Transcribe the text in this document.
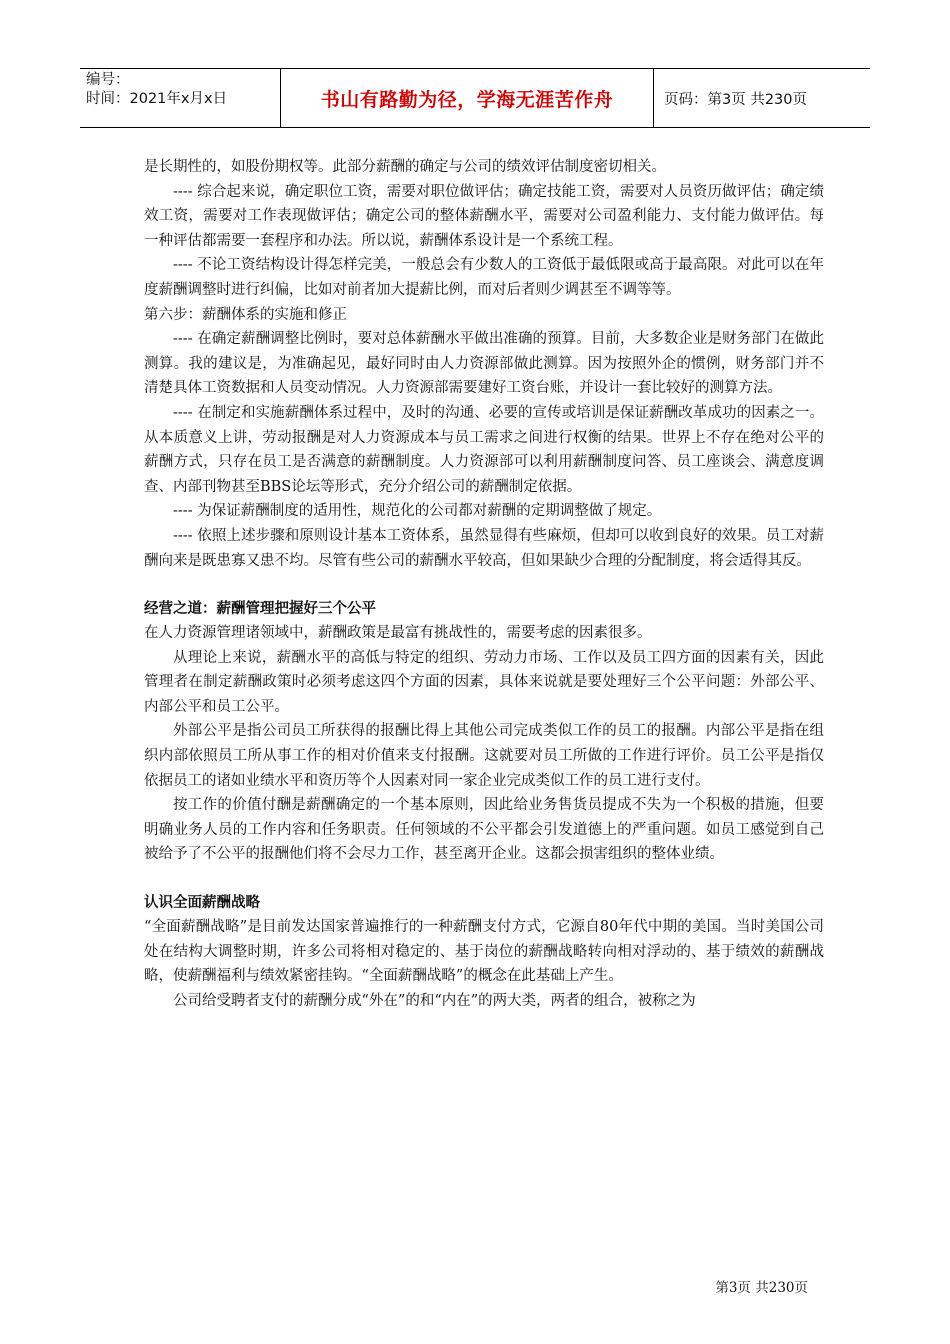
编号：
时间：2021年x月x日	书山有路勤为径，学海无涯苦作舟	页码：第3页 共230页

是长期性的，如股份期权等。此部分薪酬的确定与公司的绩效评估制度密切相关。

---- 综合起来说，确定职位工资，需要对职位做评估；确定技能工资，需要对人员资历做评估；确定绩效工资，需要对工作表现做评估；确定公司的整体薪酬水平，需要对公司盈利能力、支付能力做评估。每一种评估都需要一套程序和办法。所以说，薪酬体系设计是一个系统工程。

---- 不论工资结构设计得怎样完美，一般总会有少数人的工资低于最低限或高于最高限。对此可以在年度薪酬调整时进行纠偏，比如对前者加大提薪比例，而对后者则少调甚至不调等等。

第六步：薪酬体系的实施和修正

---- 在确定薪酬调整比例时，要对总体薪酬水平做出准确的预算。目前，大多数企业是财务部门在做此测算。我的建议是，为准确起见，最好同时由人力资源部做此测算。因为按照外企的惯例，财务部门并不清楚具体工资数据和人员变动情况。人力资源部需要建好工资台账，并设计一套比较好的测算方法。

---- 在制定和实施薪酬体系过程中，及时的沟通、必要的宣传或培训是保证薪酬改革成功的因素之一。从本质意义上讲，劳动报酬是对人力资源成本与员工需求之间进行权衡的结果。世界上不存在绝对公平的薪酬方式，只存在员工是否满意的薪酬制度。人力资源部可以利用薪酬制度问答、员工座谈会、满意度调查、内部刊物甚至BBS论坛等形式，充分介绍公司的薪酬制定依据。

---- 为保证薪酬制度的适用性，规范化的公司都对薪酬的定期调整做了规定。

---- 依照上述步骤和原则设计基本工资体系，虽然显得有些麻烦，但却可以收到良好的效果。员工对薪酬向来是既患寡又患不均。尽管有些公司的薪酬水平较高，但如果缺少合理的分配制度，将会适得其反。

经营之道：薪酬管理把握好三个公平

在人力资源管理诸领域中，薪酬政策是最富有挑战性的，需要考虑的因素很多。

从理论上来说，薪酬水平的高低与特定的组织、劳动力市场、工作以及员工四方面的因素有关，因此管理者在制定薪酬政策时必须考虑这四个方面的因素，具体来说就是要处理好三个公平问题：外部公平、内部公平和员工公平。

外部公平是指公司员工所获得的报酬比得上其他公司完成类似工作的员工的报酬。内部公平是指在组织内部依照员工所从事工作的相对价值来支付报酬。这就要对员工所做的工作进行评价。员工公平是指仅依据员工的诸如业绩水平和资历等个人因素对同一家企业完成类似工作的员工进行支付。

按工作的价值付酬是薪酬确定的一个基本原则，因此给业务售货员提成不失为一个积极的措施，但要明确业务人员的工作内容和任务职责。任何领域的不公平都会引发道德上的严重问题。如员工感觉到自己被给予了不公平的报酬他们将不会尽力工作，甚至离开企业。这都会损害组织的整体业绩。

认识全面薪酬战略

“全面薪酬战略”是目前发达国家普遍推行的一种薪酬支付方式，它源自80年代中期的美国。当时美国公司处在结构大调整时期，许多公司将相对稳定的、基于岗位的薪酬战略转向相对浮动的、基于绩效的薪酬战略，使薪酬福利与绩效紧密挂钩。“全面薪酬战略”的概念在此基础上产生。

公司给受聘者支付的薪酬分成“外在”的和“内在”的两大类，两者的组合，被称之为

第3页 共230页
